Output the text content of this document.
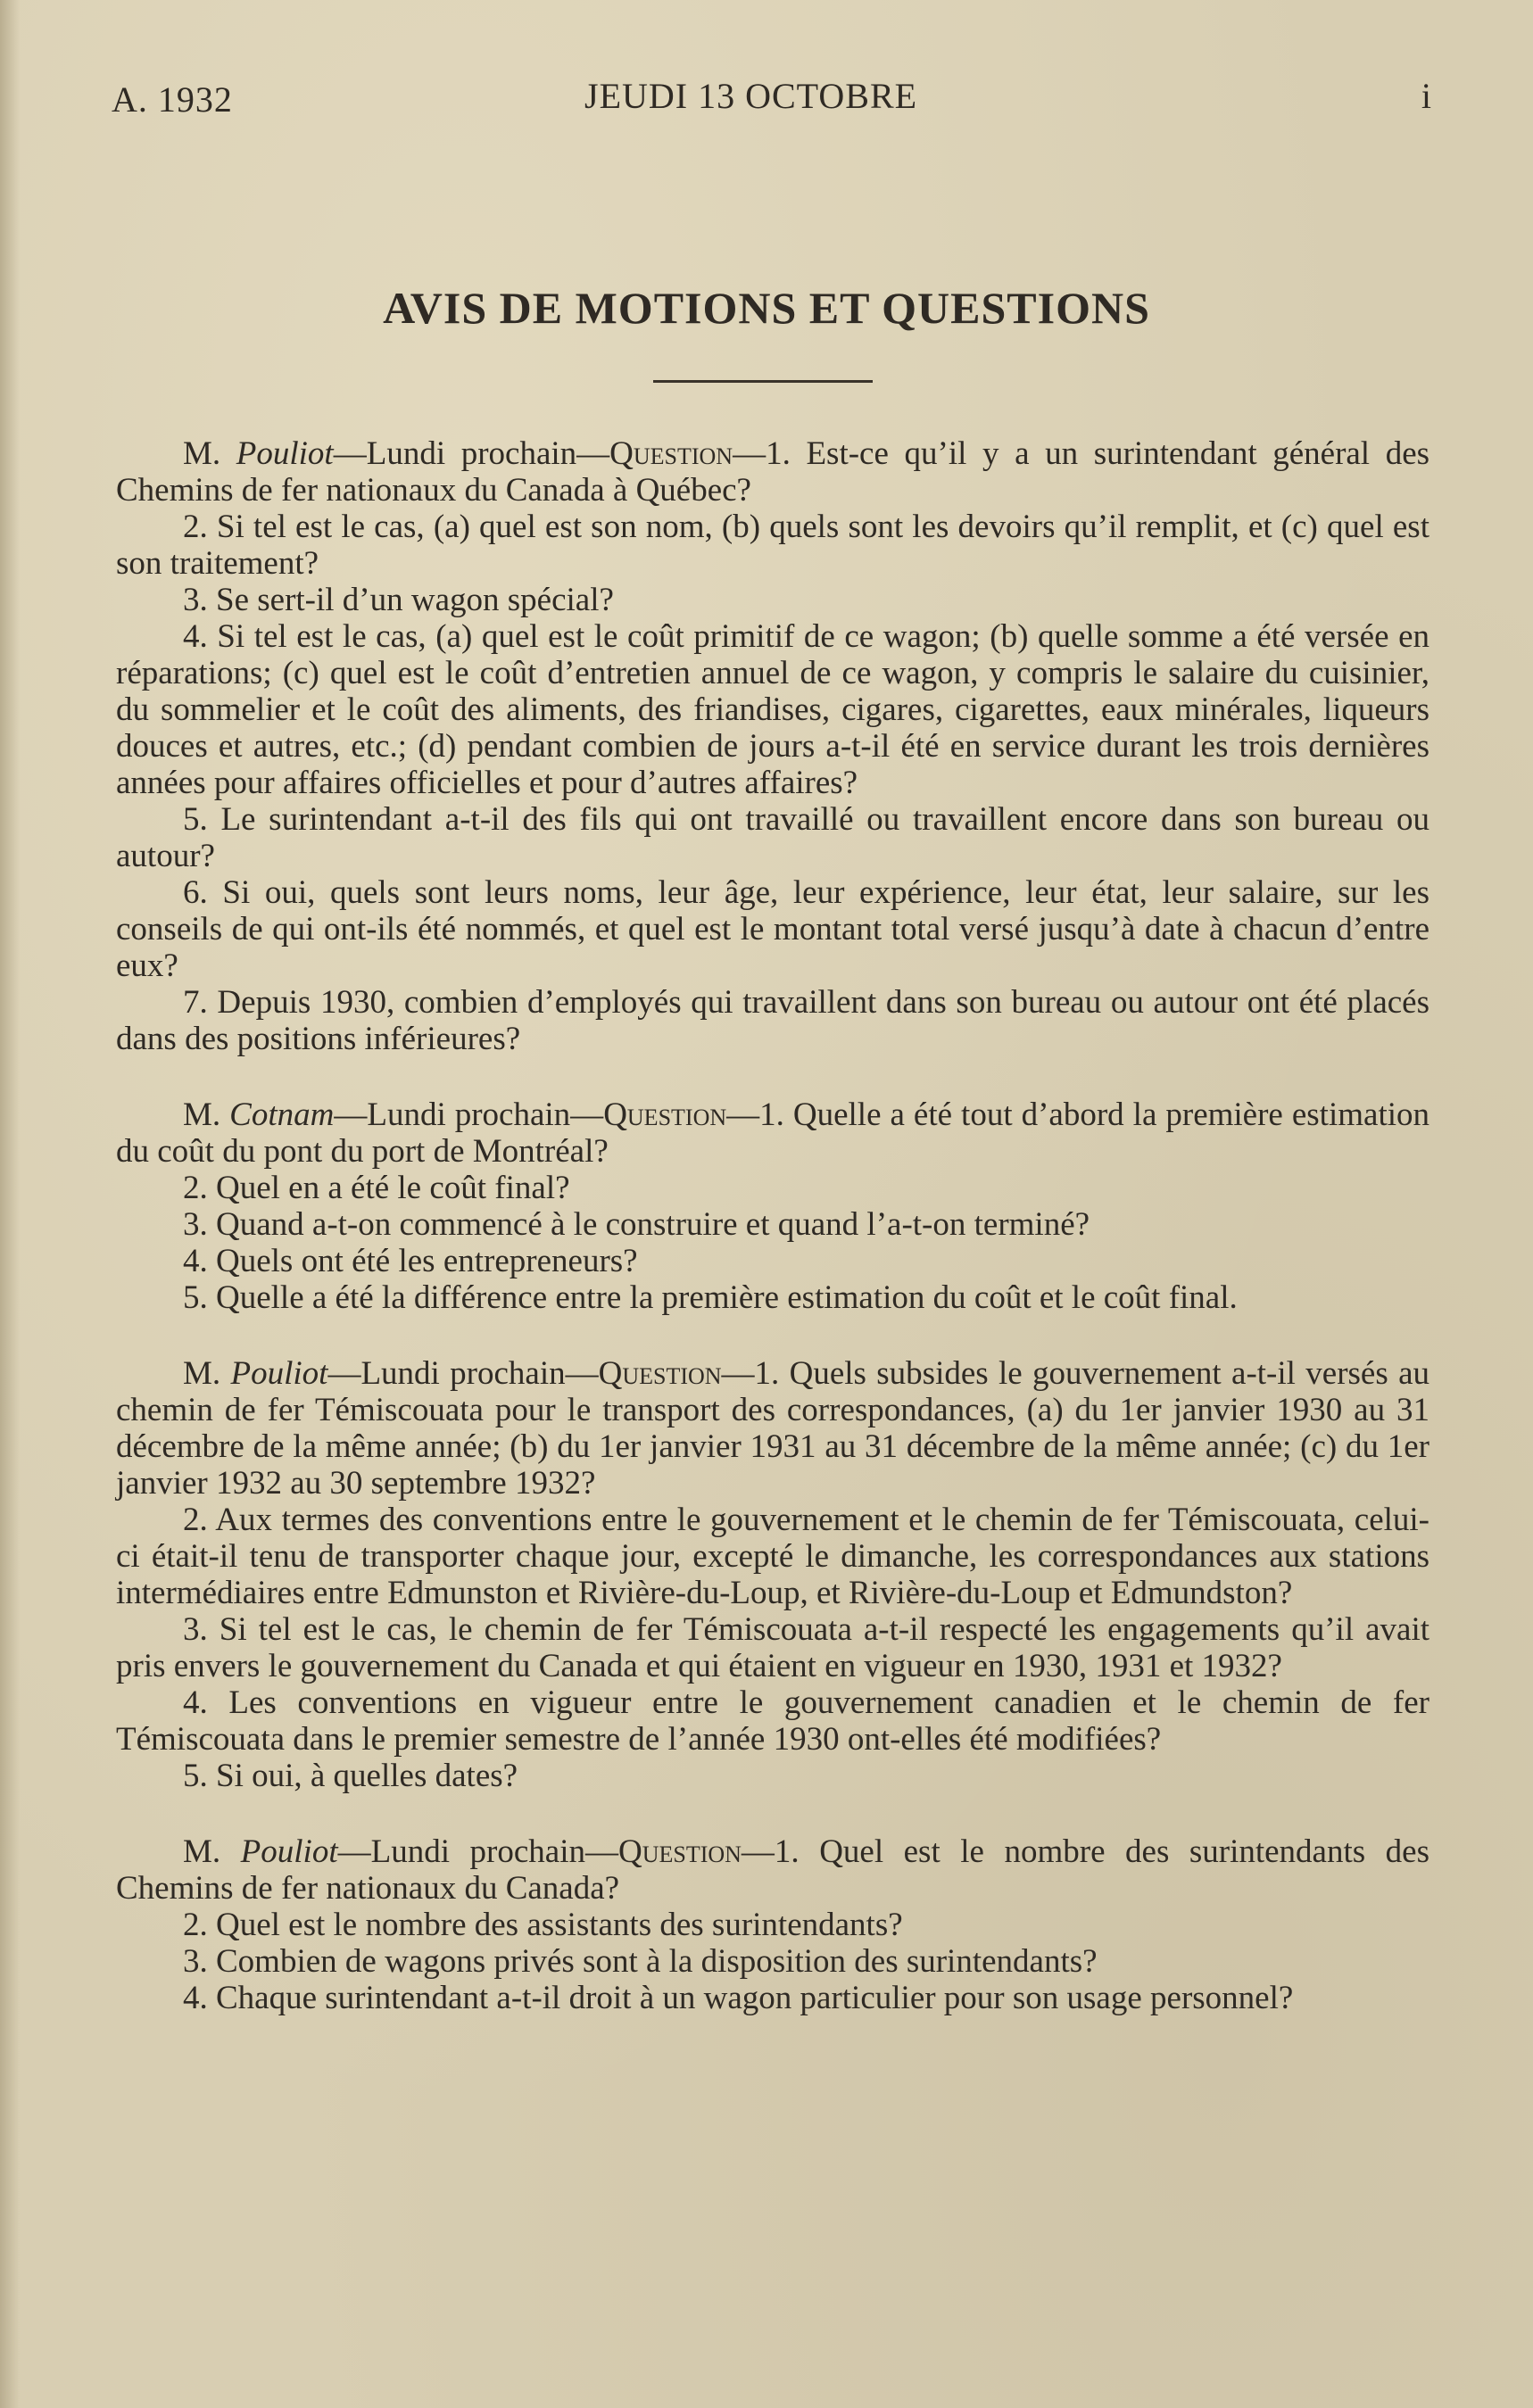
A. 1932	JEUDI 13 OCTOBRE	i
AVIS DE MOTIONS ET QUESTIONS

M. Pouliot—Lundi prochain—Question—1. Est-ce qu’il y a un surintendant général des Chemins de fer nationaux du Canada à Québec?

2. Si tel est le cas, (a) quel est son nom, (b) quels sont les devoirs qu’il remplit, et (c) quel est son traitement?

3. Se sert-il d’un wagon spécial?

4. Si tel est le cas, (a) quel est le coût primitif de ce wagon; (b) quelle somme a été versée en réparations; (c) quel est le coût d’entretien annuel de ce wagon, y compris le salaire du cuisinier, du sommelier et le coût des aliments, des friandises, cigares, cigarettes, eaux minérales, liqueurs douces et autres, etc.; (d) pendant combien de jours a-t-il été en service durant les trois dernières années pour affaires officielles et pour d’autres affaires?

5. Le surintendant a-t-il des fils qui ont travaillé ou travaillent encore dans son bureau ou autour?

6. Si oui, quels sont leurs noms, leur âge, leur expérience, leur état, leur salaire, sur les conseils de qui ont-ils été nommés, et quel est le montant total versé jusqu’à date à chacun d’entre eux?

7. Depuis 1930, combien d’employés qui travaillent dans son bureau ou autour ont été placés dans des positions inférieures?

M. Cotnam—Lundi prochain—Question—1. Quelle a été tout d’abord la première estimation du coût du pont du port de Montréal?

2. Quel en a été le coût final?

3. Quand a-t-on commencé à le construire et quand l’a-t-on terminé?

4. Quels ont été les entrepreneurs?

5. Quelle a été la différence entre la première estimation du coût et le coût final.

M. Pouliot—Lundi prochain—Question—1. Quels subsides le gouvernement a-t-il versés au chemin de fer Témiscouata pour le transport des correspondances, (a) du 1er janvier 1930 au 31 décembre de la même année; (b) du 1er janvier 1931 au 31 décembre de la même année; (c) du 1er janvier 1932 au 30 septembre 1932?

2. Aux termes des conventions entre le gouvernement et le chemin de fer Témiscouata, celui-ci était-il tenu de transporter chaque jour, excepté le dimanche, les correspondances aux stations intermédiaires entre Edmunston et Rivière-du-Loup, et Rivière-du-Loup et Edmundston?

3. Si tel est le cas, le chemin de fer Témiscouata a-t-il respecté les engagements qu’il avait pris envers le gouvernement du Canada et qui étaient en vigueur en 1930, 1931 et 1932?

4. Les conventions en vigueur entre le gouvernement canadien et le chemin de fer Témiscouata dans le premier semestre de l’année 1930 ont-elles été modifiées?

5. Si oui, à quelles dates?

M. Pouliot—Lundi prochain—Question—1. Quel est le nombre des surintendants des Chemins de fer nationaux du Canada?

2. Quel est le nombre des assistants des surintendants?

3. Combien de wagons privés sont à la disposition des surintendants?

4. Chaque surintendant a-t-il droit à un wagon particulier pour son usage personnel?
